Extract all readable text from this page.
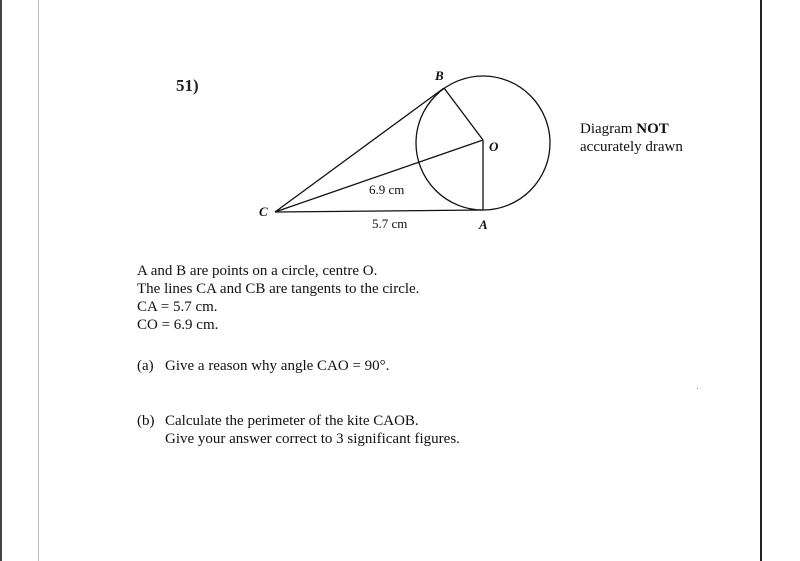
51)
B
O
C
A
6.9 cm
5.7 cm
Diagram NOT
accurately drawn

A and B are points on a circle, centre O.

The lines CA and CB are tangents to the circle.

CA = 5.7 cm.

CO = 6.9 cm.

(a) Give a reason why angle CAO = 90°.
(b) Calculate the perimeter of the kite CAOB.
Give your answer correct to 3 significant figures.
